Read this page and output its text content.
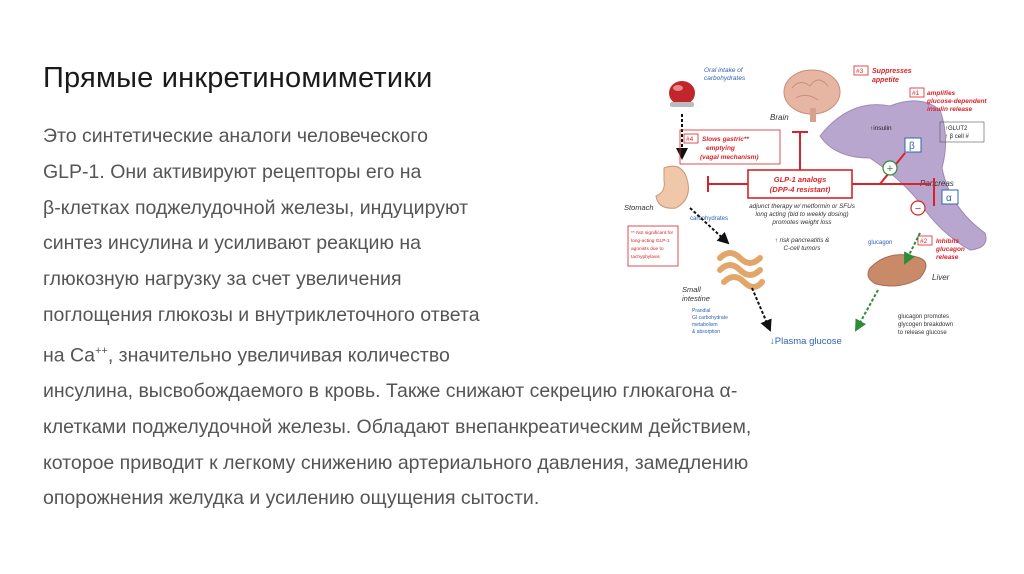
Прямые инкретиномиметики
Это синтетические аналоги человеческого
GLP-1. Они активируют рецепторы его на
β-клетках поджелудочной железы, индуцируют
синтез инсулина и усиливают реакцию на
глюкозную нагрузку за счет увеличения
поглощения глюкозы и внутриклеточного ответа
на Ca++, значительно увеличивая количество
инсулина, высвобождаемого в кровь. Также снижают секрецию глюкагона α-
клетками поджелудочной железы. Обладают внепанкреатическим действием,
которое приводит к легкому снижению артериального давления, замедлению
опорожнения желудка и усилению ощущения сытости.
Oral intake of carbohydrates
Brain
#3 Suppresses appetite
Pancreas
↑insulin	↑GLUT2 ↑ β cell #
β
α
#1 amplifies glucose-dependent insulin release
#4	Slows gastric** emptying (vagal mechanism)
GLP-1 analogs (DPP-4 resistant)
+
−
#2 Inhibits glucagon release
Stomach
carbohydrates
** Not significant for long-acting GLP-1 agonists due to tachyphylaxis
adjunct therapy w/ metformin or SFUs long acting (bid to weekly dosing) promotes weight loss
↑ risk pancreatitis & C-cell tumors
Small intestine
Prandial GI carbohydrate metabolism & absorption
↓Plasma glucose
Liver
glucagon
glucagon promotes glycogen breakdown to release glucose
